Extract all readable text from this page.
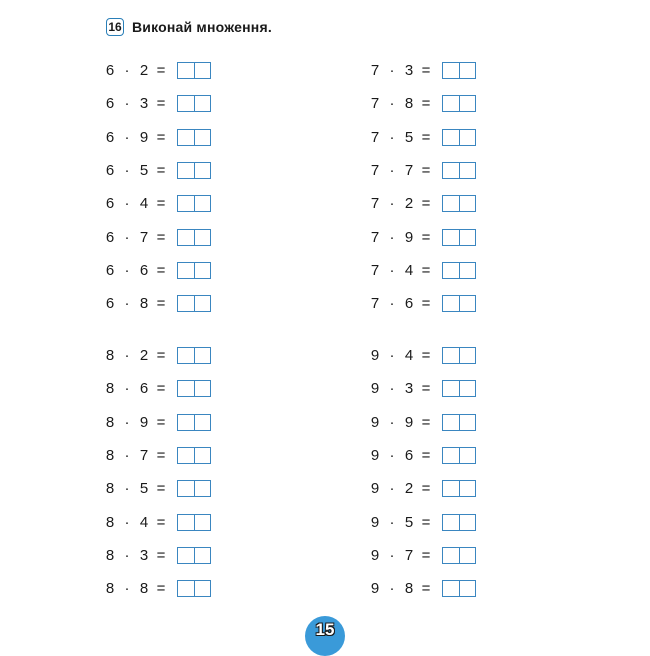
16 Виконай множення.
6 · 2 =
6 · 3 =
6 · 9 =
6 · 5 =
6 · 4 =
6 · 7 =
6 · 6 =
6 · 8 =
7 · 3 =
7 · 8 =
7 · 5 =
7 · 7 =
7 · 2 =
7 · 9 =
7 · 4 =
7 · 6 =
8 · 2 =
8 · 6 =
8 · 9 =
8 · 7 =
8 · 5 =
8 · 4 =
8 · 3 =
8 · 8 =
9 · 4 =
9 · 3 =
9 · 9 =
9 · 6 =
9 · 2 =
9 · 5 =
9 · 7 =
9 · 8 =
15
